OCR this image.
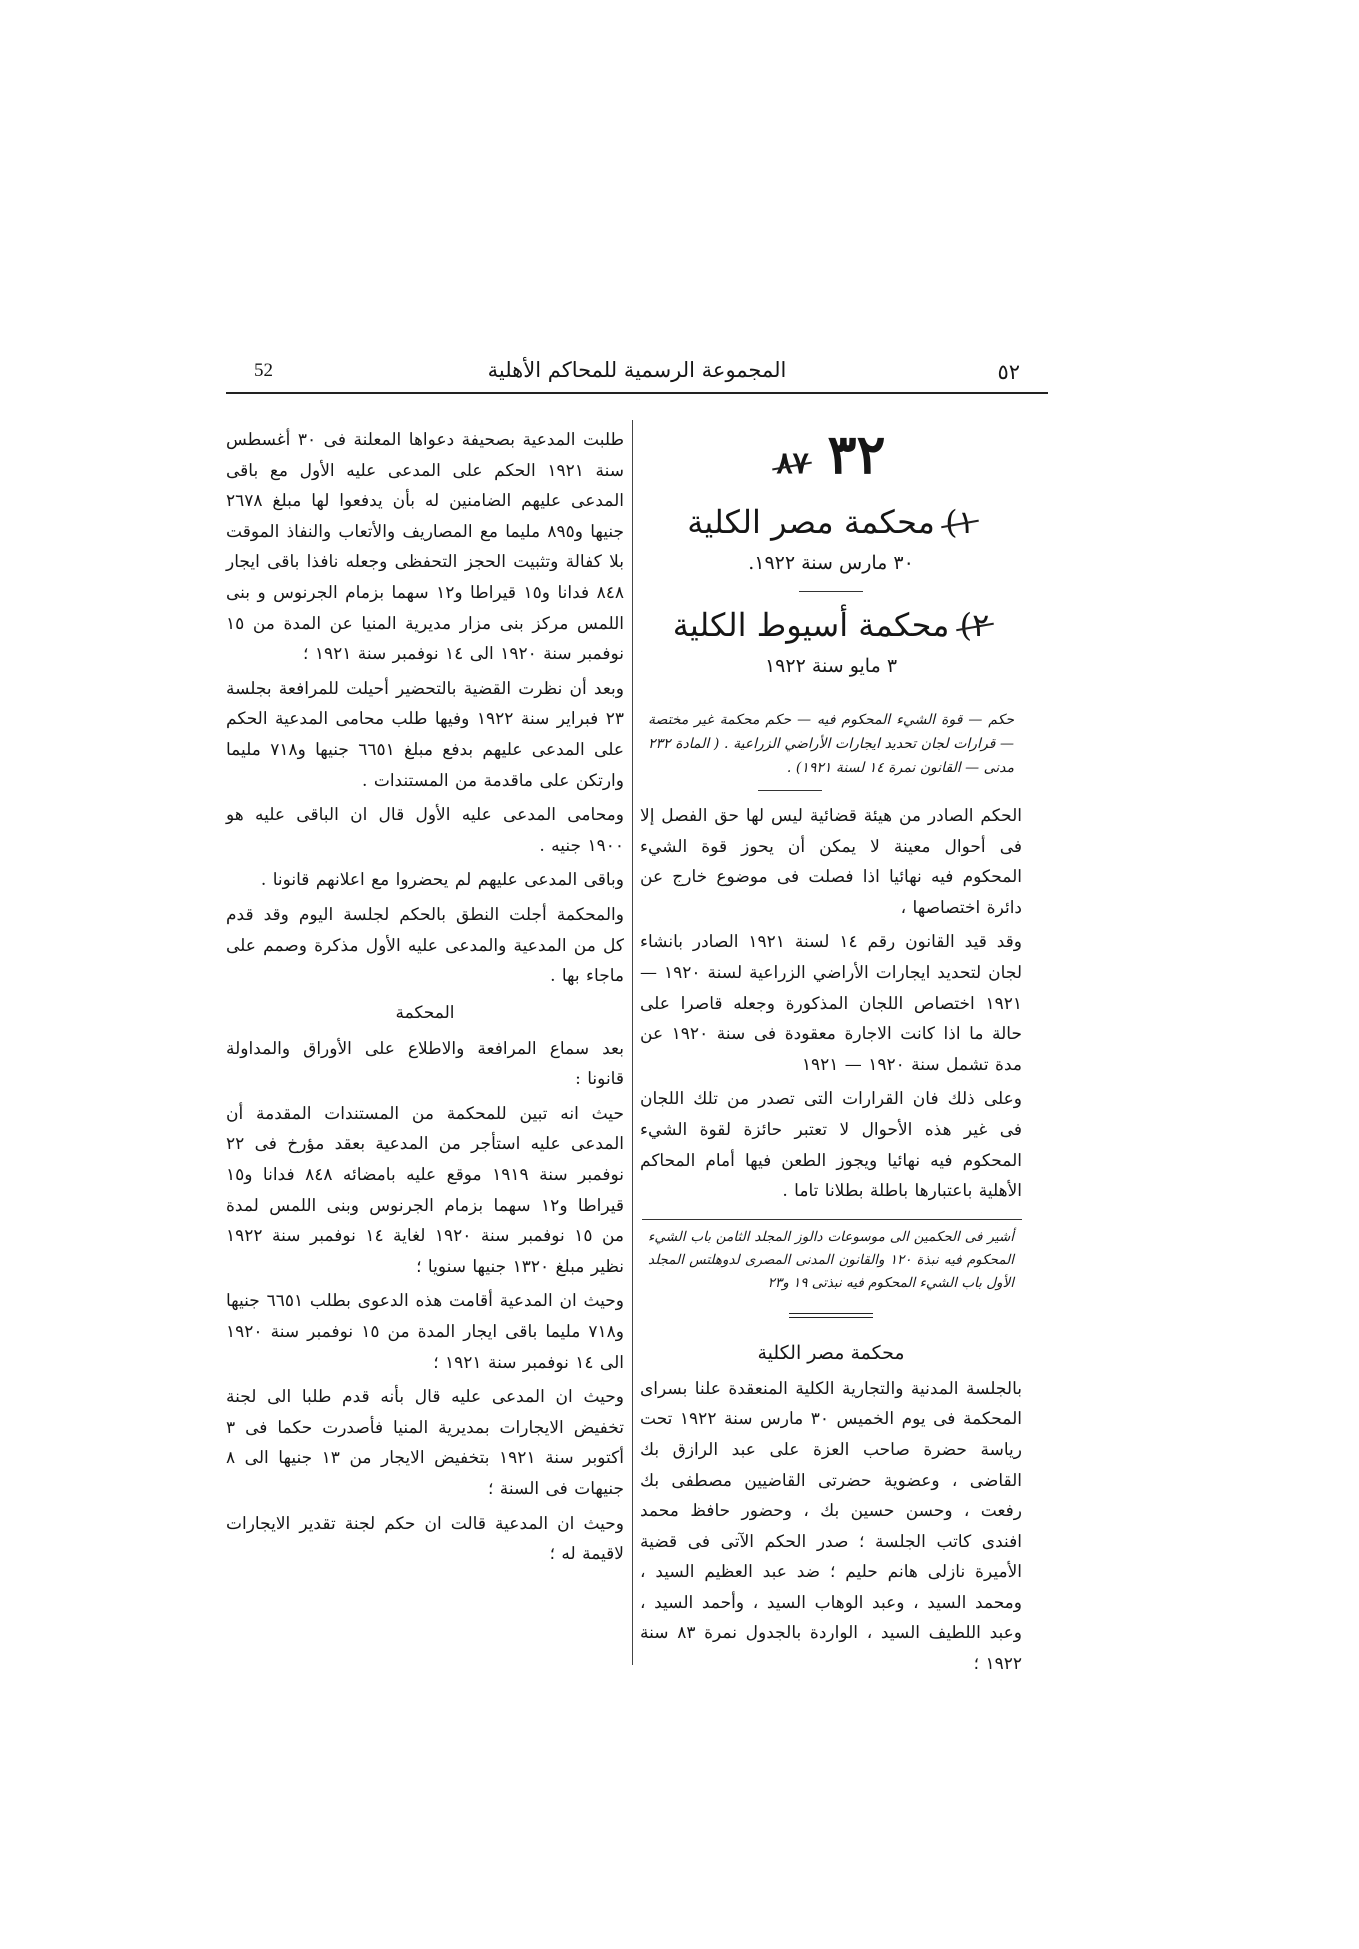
52	المجموعة الرسمية للمحاكم الأهلية	٥٢
٣٢ ٨٧
١) محكمة مصر الكلية

٣٠ مارس سنة ١٩٢٢.

٢) محكمة أسيوط الكلية

٣ مايو سنة ١٩٢٢

حكم — قوة الشيء المحكوم فيه — حكم محكمة غير مختصة — قرارات لجان تحديد ايجارات الأراضي الزراعية . ( المادة ٢٣٢ مدنى — القانون نمرة ١٤ لسنة ١٩٢١) .

الحكم الصادر من هيئة قضائية ليس لها حق الفصل إلا فى أحوال معينة لا يمكن أن يحوز قوة الشيء المحكوم فيه نهائيا اذا فصلت فى موضوع خارج عن دائرة اختصاصها ،

وقد قيد القانون رقم ١٤ لسنة ١٩٢١ الصادر بانشاء لجان لتحديد ايجارات الأراضي الزراعية لسنة ١٩٢٠ — ١٩٢١ اختصاص اللجان المذكورة وجعله قاصرا على حالة ما اذا كانت الاجارة معقودة فى سنة ١٩٢٠ عن مدة تشمل سنة ١٩٢٠ — ١٩٢١

وعلى ذلك فان القرارات التى تصدر من تلك اللجان فى غير هذه الأحوال لا تعتبر حائزة لقوة الشيء المحكوم فيه نهائيا ويجوز الطعن فيها أمام المحاكم الأهلية باعتبارها باطلة بطلانا تاما .

أشير فى الحكمين الى موسوعات دالوز المجلد الثامن باب الشيء المحكوم فيه نبذة ١٢٠ والقانون المدنى المصرى لدوهلتس المجلد الأول باب الشيء المحكوم فيه نبذتى ١٩ و٢٣

محكمة مصر الكلية

بالجلسة المدنية والتجارية الكلية المنعقدة علنا بسراى المحكمة فى يوم الخميس ٣٠ مارس سنة ١٩٢٢ تحت رياسة حضرة صاحب العزة على عبد الرازق بك القاضى ، وعضوية حضرتى القاضيين مصطفى بك رفعت ، وحسن حسين بك ، وحضور حافظ محمد افندى كاتب الجلسة ؛ صدر الحكم الآتى فى قضية الأميرة نازلى هانم حليم ؛ ضد عبد العظيم السيد ، ومحمد السيد ، وعبد الوهاب السيد ، وأحمد السيد ، وعبد اللطيف السيد ، الواردة بالجدول نمرة ٨٣ سنة ١٩٢٢ ؛

طلبت المدعية بصحيفة دعواها المعلنة فى ٣٠ أغسطس سنة ١٩٢١ الحكم على المدعى عليه الأول مع باقى المدعى عليهم الضامنين له بأن يدفعوا لها مبلغ ٢٦٧٨ جنيها و٨٩٥ مليما مع المصاريف والأتعاب والنفاذ الموقت بلا كفالة وتثبيت الحجز التحفظى وجعله نافذا باقى ايجار ٨٤٨ فدانا و١٥ قيراطا و١٢ سهما بزمام الجرنوس و بنى اللمس مركز بنى مزار مديرية المنيا عن المدة من ١٥ نوفمبر سنة ١٩٢٠ الى ١٤ نوفمبر سنة ١٩٢١ ؛

وبعد أن نظرت القضية بالتحضير أحيلت للمرافعة بجلسة ٢٣ فبراير سنة ١٩٢٢ وفيها طلب محامى المدعية الحكم على المدعى عليهم بدفع مبلغ ٦٦٥١ جنيها و٧١٨ مليما وارتكن على ماقدمة من المستندات .

ومحامى المدعى عليه الأول قال ان الباقى عليه هو ١٩٠٠ جنيه .

وباقى المدعى عليهم لم يحضروا مع اعلانهم قانونا .

والمحكمة أجلت النطق بالحكم لجلسة اليوم وقد قدم كل من المدعية والمدعى عليه الأول مذكرة وصمم على ماجاء بها .

المحكمة

بعد سماع المرافعة والاطلاع على الأوراق والمداولة قانونا :

حيث انه تبين للمحكمة من المستندات المقدمة أن المدعى عليه استأجر من المدعية بعقد مؤرخ فى ٢٢ نوفمبر سنة ١٩١٩ موقع عليه بامضائه ٨٤٨ فدانا و١٥ قيراطا و١٢ سهما بزمام الجرنوس وبنى اللمس لمدة من ١٥ نوفمبر سنة ١٩٢٠ لغاية ١٤ نوفمبر سنة ١٩٢٢ نظير مبلغ ١٣٢٠ جنيها سنويا ؛

وحيث ان المدعية أقامت هذه الدعوى بطلب ٦٦٥١ جنيها و٧١٨ مليما باقى ايجار المدة من ١٥ نوفمبر سنة ١٩٢٠ الى ١٤ نوفمبر سنة ١٩٢١ ؛

وحيث ان المدعى عليه قال بأنه قدم طلبا الى لجنة تخفيض الايجارات بمديرية المنيا فأصدرت حكما فى ٣ أكتوبر سنة ١٩٢١ بتخفيض الايجار من ١٣ جنيها الى ٨ جنيهات فى السنة ؛

وحيث ان المدعية قالت ان حكم لجنة تقدير الايجارات لاقيمة له ؛
